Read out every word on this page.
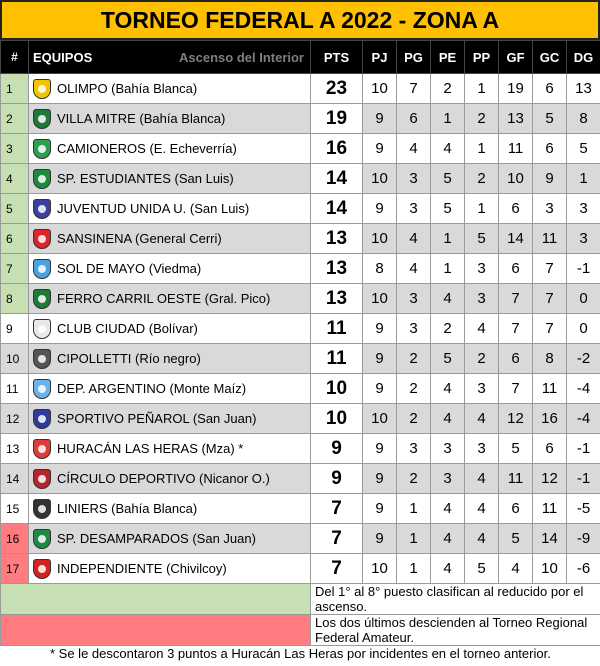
TORNEO FEDERAL A 2022 - ZONA A
#	EQUIPOS Ascenso del Interior	PTS	PJ	PG	PE	PP	GF	GC	DG
1	OLIMPO (Bahía Blanca)	23	10	7	2	1	19	6	13
2	VILLA MITRE (Bahía Blanca)	19	9	6	1	2	13	5	8
3	CAMIONEROS (E. Echeverría)	16	9	4	4	1	11	6	5
4	SP. ESTUDIANTES (San Luis)	14	10	3	5	2	10	9	1
5	JUVENTUD UNIDA U. (San Luis)	14	9	3	5	1	6	3	3
6	SANSINENA (General Cerri)	13	10	4	1	5	14	11	3
7	SOL DE MAYO (Viedma)	13	8	4	1	3	6	7	-1
8	FERRO CARRIL OESTE (Gral. Pico)	13	10	3	4	3	7	7	0
9	CLUB CIUDAD (Bolívar)	11	9	3	2	4	7	7	0
10	CIPOLLETTI (Río negro)	11	9	2	5	2	6	8	-2
11	DEP. ARGENTINO (Monte Maíz)	10	9	2	4	3	7	11	-4
12	SPORTIVO PEÑAROL (San Juan)	10	10	2	4	4	12	16	-4
13	HURACÁN LAS HERAS (Mza) *	9	9	3	3	3	5	6	-1
14	CÍRCULO DEPORTIVO (Nicanor O.)	9	9	2	3	4	11	12	-1
15	LINIERS (Bahía Blanca)	7	9	1	4	4	6	11	-5
16	SP. DESAMPARADOS (San Juan)	7	9	1	4	4	5	14	-9
17	INDEPENDIENTE (Chivilcoy)	7	10	1	4	5	4	10	-6
		Del 1° al 8° puesto clasifican al reducido por el ascenso.							
		Los dos últimos descienden al Torneo Regional Federal Amateur.							
* Se le descontaron 3 puntos a Huracán Las Heras por incidentes en el torneo anterior.
